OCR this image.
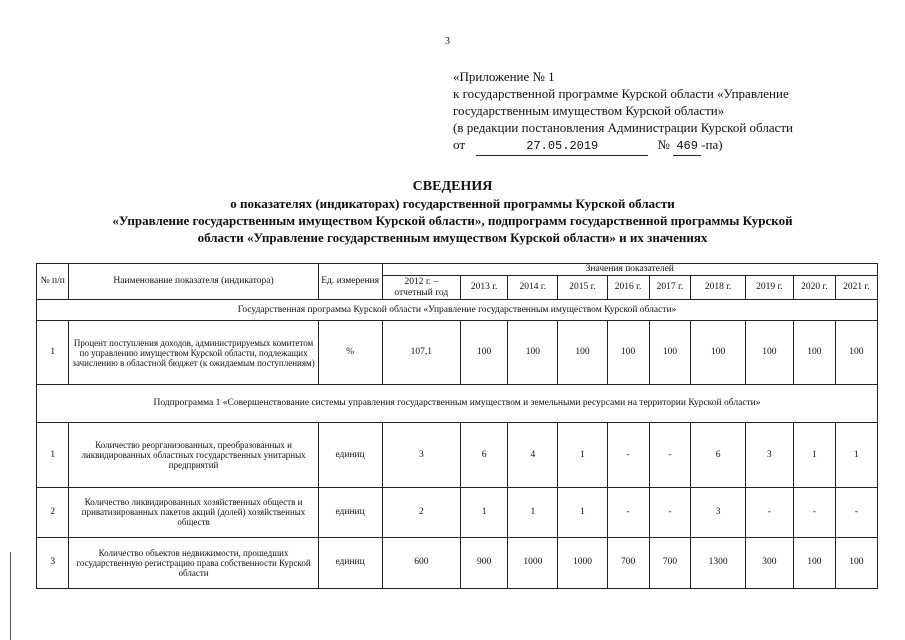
3
«Приложение № 1
к государственной программе Курской области «Управление
государственным имуществом Курской области»
(в редакции постановления Администрации Курской области
от	27.05.2019	№ 469 -па)
СВЕДЕНИЯ
о показателях (индикаторах) государственной программы Курской области
«Управление государственным имуществом Курской области», подпрограмм государственной программы Курской
области «Управление государственным имуществом Курской области» и их значениях
№ п/п	Наименование показателя (индикатора)	Ед. измерения	Значения показателей									
			2012 г. – отчетный год	2013 г.	2014 г.	2015 г.	2016 г.	2017 г.	2018 г.	2019 г.	2020 г.	2021 г.
Государственная программа Курской области «Управление государственным имуществом Курской области»												
1	Процент поступления доходов, администрируемых комитетом по управлению имуществом Курской области, подлежащих зачислению в областной бюджет (к ожидаемым поступлениям)	%	107,1	100	100	100	100	100	100	100	100	100
Подпрограмма 1 «Совершенствование системы управления государственным имуществом и земельными ресурсами на территории Курской области»												
1	Количество реорганизованных, преобразованных и ликвидированных областных государственных унитарных предприятий	единиц	3	6	4	1	-	-	6	3	1	1
2	Количество ликвидированных хозяйственных обществ и приватизированных пакетов акций (долей) хозяйственных обществ	единиц	2	1	1	1	-	-	3	-	-	-
3	Количество объектов недвижимости, прошедших государственную регистрацию права собственности Курской области	единиц	600	900	1000	1000	700	700	1300	300	100	100
